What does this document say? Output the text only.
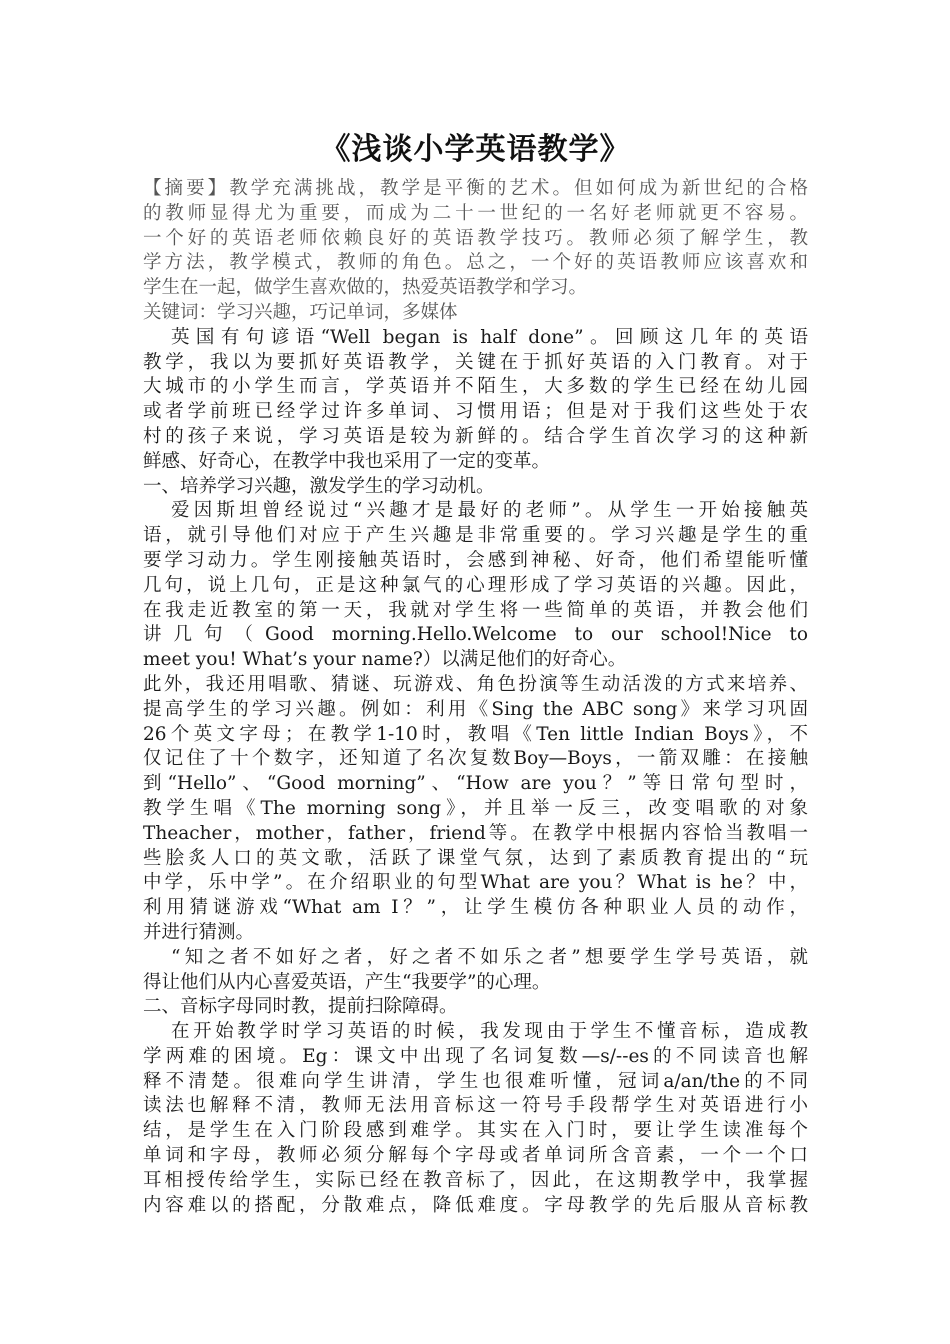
《浅谈小学英语教学》

【摘要】教学充满挑战，教学是平衡的艺术。但如何成为新世纪的合格

的教师显得尤为重要，而成为二十一世纪的一名好老师就更不容易。

一个好的英语老师依赖良好的英语教学技巧。教师必须了解学生，教

学方法，教学模式，教师的角色。总之，一个好的英语教师应该喜欢和

学生在一起，做学生喜欢做的，热爱英语教学和学习。

关键词：学习兴趣，巧记单词，多媒体

英国有句谚语“Well began is half done”。回顾这几年的英语

教学，我以为要抓好英语教学，关键在于抓好英语的入门教育。对于

大城市的小学生而言，学英语并不陌生，大多数的学生已经在幼儿园

或者学前班已经学过许多单词、习惯用语；但是对于我们这些处于农

村的孩子来说，学习英语是较为新鲜的。结合学生首次学习的这种新

鲜感、好奇心，在教学中我也采用了一定的变革。

一、培养学习兴趣，激发学生的学习动机。

爱因斯坦曾经说过“兴趣才是最好的老师”。从学生一开始接触英

语，就引导他们对应于产生兴趣是非常重要的。学习兴趣是学生的重

要学习动力。学生刚接触英语时，会感到神秘、好奇，他们希望能听懂

几句，说上几句，正是这种氯气的心理形成了学习英语的兴趣。因此，

在我走近教室的第一天，我就对学生将一些简单的英语，并教会他们

讲几句（Good morning.Hello.Welcome to our school!Nice to

meet you! What’s your name?）以满足他们的好奇心。

此外，我还用唱歌、猜谜、玩游戏、角色扮演等生动活泼的方式来培养、

提高学生的学习兴趣。例如：利用《Sing the ABC song》来学习巩固

26个英文字母；在教学1-10时，教唱《Ten little Indian Boys》，不

仅记住了十个数字，还知道了名次复数Boy—Boys，一箭双雕：在接触

到“Hello”、“Good morning”、“How are you？”等日常句型时，

教学生唱《The morning song》，并且举一反三，改变唱歌的对象

Theacher，mother，father，friend等。在教学中根据内容恰当教唱一

些脍炙人口的英文歌，活跃了课堂气氛，达到了素质教育提出的“玩

中学，乐中学”。在介绍职业的句型What are you？What is he？中，

利用猜谜游戏“What am I？”，让学生模仿各种职业人员的动作，

并进行猜测。

“知之者不如好之者，好之者不如乐之者”想要学生学号英语，就

得让他们从内心喜爱英语，产生“我要学”的心理。

二、音标字母同时教，提前扫除障碍。

在开始教学时学习英语的时候，我发现由于学生不懂音标，造成教

学两难的困境。Eg：课文中出现了名词复数—s/--es的不同读音也解

释不清楚。很难向学生讲清，学生也很难听懂，冠词a/an/the的不同

读法也解释不清，教师无法用音标这一符号手段帮学生对英语进行小

结，是学生在入门阶段感到难学。其实在入门时，要让学生读准每个

单词和字母，教师必须分解每个字母或者单词所含音素，一个一个口

耳相授传给学生，实际已经在教音标了，因此，在这期教学中，我掌握

内容难以的搭配，分散难点，降低难度。字母教学的先后服从音标教
